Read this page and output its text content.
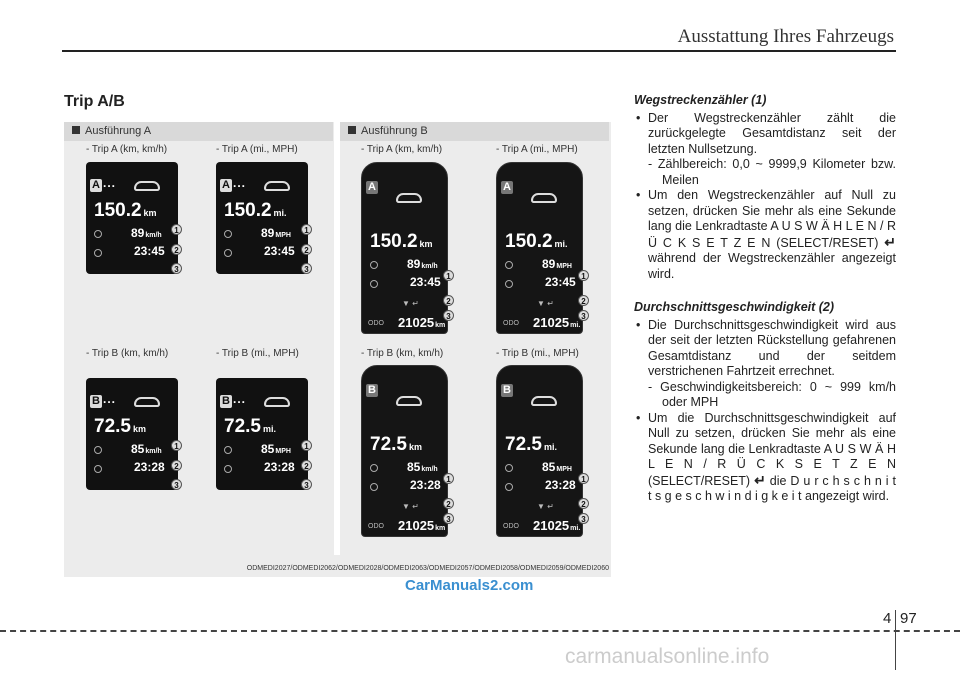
Ausstattung Ihres Fahrzeugs
Trip A/B
Ausführung A	Ausführung B
- Trip A (km, km/h)
A ...
150.2 km
89km/h
23:45
1
2
3
- Trip A (mi., MPH)
A ...
150.2 mi.
89MPH
23:45
1
2
3
- Trip B (km, km/h)
B ...
72.5 km
85km/h
23:28
1
2
3
- Trip B (mi., MPH)
B ...
72.5 mi.
85MPH
23:28
1
2
3
- Trip A (km, km/h)
A
150.2 km
89km/h
23:45
▼ ↵
ODO 21025km
1
2
3
- Trip A (mi., MPH)
A
150.2 mi.
89MPH
23:45
▼ ↵
ODO 21025mi.
1
2
3
- Trip B (km, km/h)
B
72.5 km
85km/h
23:28
▼ ↵
ODO 21025km
1
2
3
- Trip B (mi., MPH)
B
72.5 mi.
85MPH
23:28
▼ ↵
ODO 21025mi.
1
2
3
ODMEDI2027/ODMEDI2062/ODMEDI2028/ODMEDI2063/ODMEDI2057/ODMEDI2058/ODMEDI2059/ODMEDI2060
CarManuals2.com
Wegstreckenzähler (1)

• Der Wegstreckenzähler zählt die zurückgelegte Gesamtdistanz seit der letzten Nullsetzung.

- Zählbereich: 0,0 ~ 9999,9 Kilometer bzw. Meilen

• Um den Wegstreckenzähler auf Null zu setzen, drücken Sie mehr als eine Sekunde lang die Lenkradtaste A U S W Ä H L E N / R Ü C K S E T Z E N (SELECT/RESET) ↵ während der Wegstreckenzähler angezeigt wird.

Durchschnittsgeschwindigkeit (2)

• Die Durchschnittsgeschwindigkeit wird aus der seit der letzten Rückstellung gefahrenen Gesamtdistanz und der seitdem verstrichenen Fahrtzeit errechnet.

- Geschwindigkeitsbereich: 0 ~ 999 km/h oder MPH

• Um die Durchschnittsgeschwindigkeit auf Null zu setzen, drücken Sie mehr als eine Sekunde lang die Lenkradtaste A U S W Ä H L E N / R Ü C K S E T Z E N (SELECT/RESET) ↵ die D u r c h s c h n i t t s g e s c h w i n d i g k e i t angezeigt wird.

4 97
carmanualsonline.info
